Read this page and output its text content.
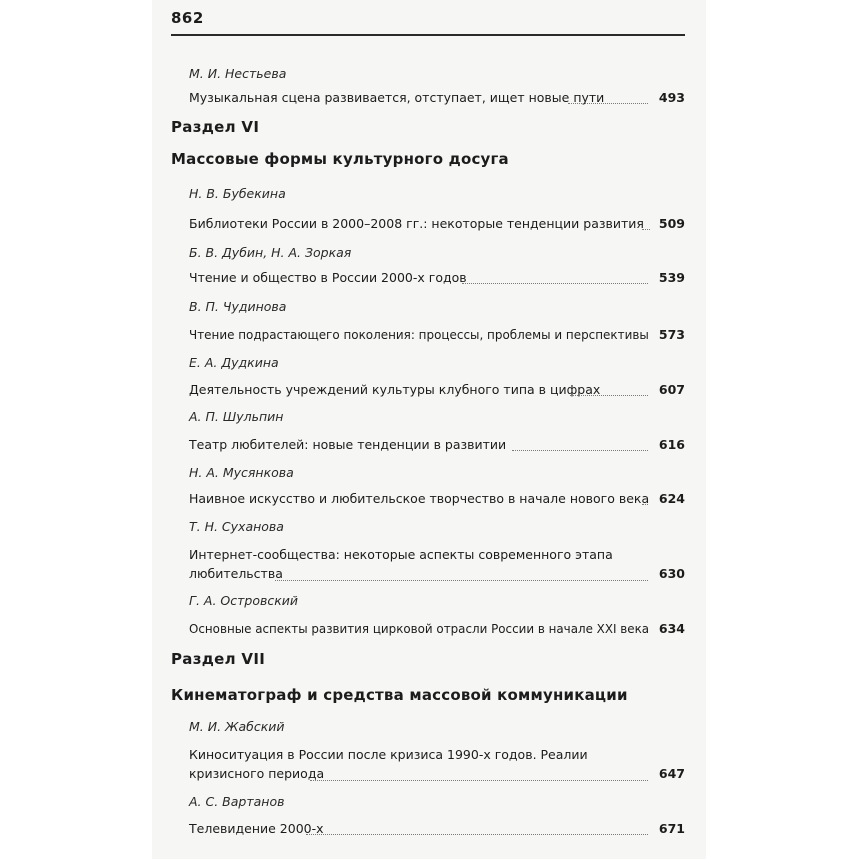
862
М. И. Нестьева
Музыкальная сцена развивается, отступает, ищет новые пути	493
Раздел VI
Массовые формы культурного досуга
Н. В. Бубекина
Библиотеки России в 2000–2008 гг.: некоторые тенденции развития	509
Б. В. Дубин, Н. А. Зоркая
Чтение и общество в России 2000-х годов	539
В. П. Чудинова
Чтение подрастающего поколения: процессы, проблемы и перспективы 573
Е. А. Дудкина
Деятельность учреждений культуры клубного типа в цифрах	607
А. П. Шульпин
Театр любителей: новые тенденции в развитии	616
Н. А. Мусянкова
Наивное искусство и любительское творчество в начале нового века 624
Т. Н. Суханова
Интернет-сообщества: некоторые аспекты современного этапа
любительства	630
Г. А. Островский
Основные аспекты развития цирковой отрасли России в начале XXI века 634
Раздел VII
Кинематограф и средства массовой коммуникации
М. И. Жабский
Киноситуация в России после кризиса 1990-х годов. Реалии
кризисного периода	647
А. С. Вартанов
Телевидение 2000-х	671
